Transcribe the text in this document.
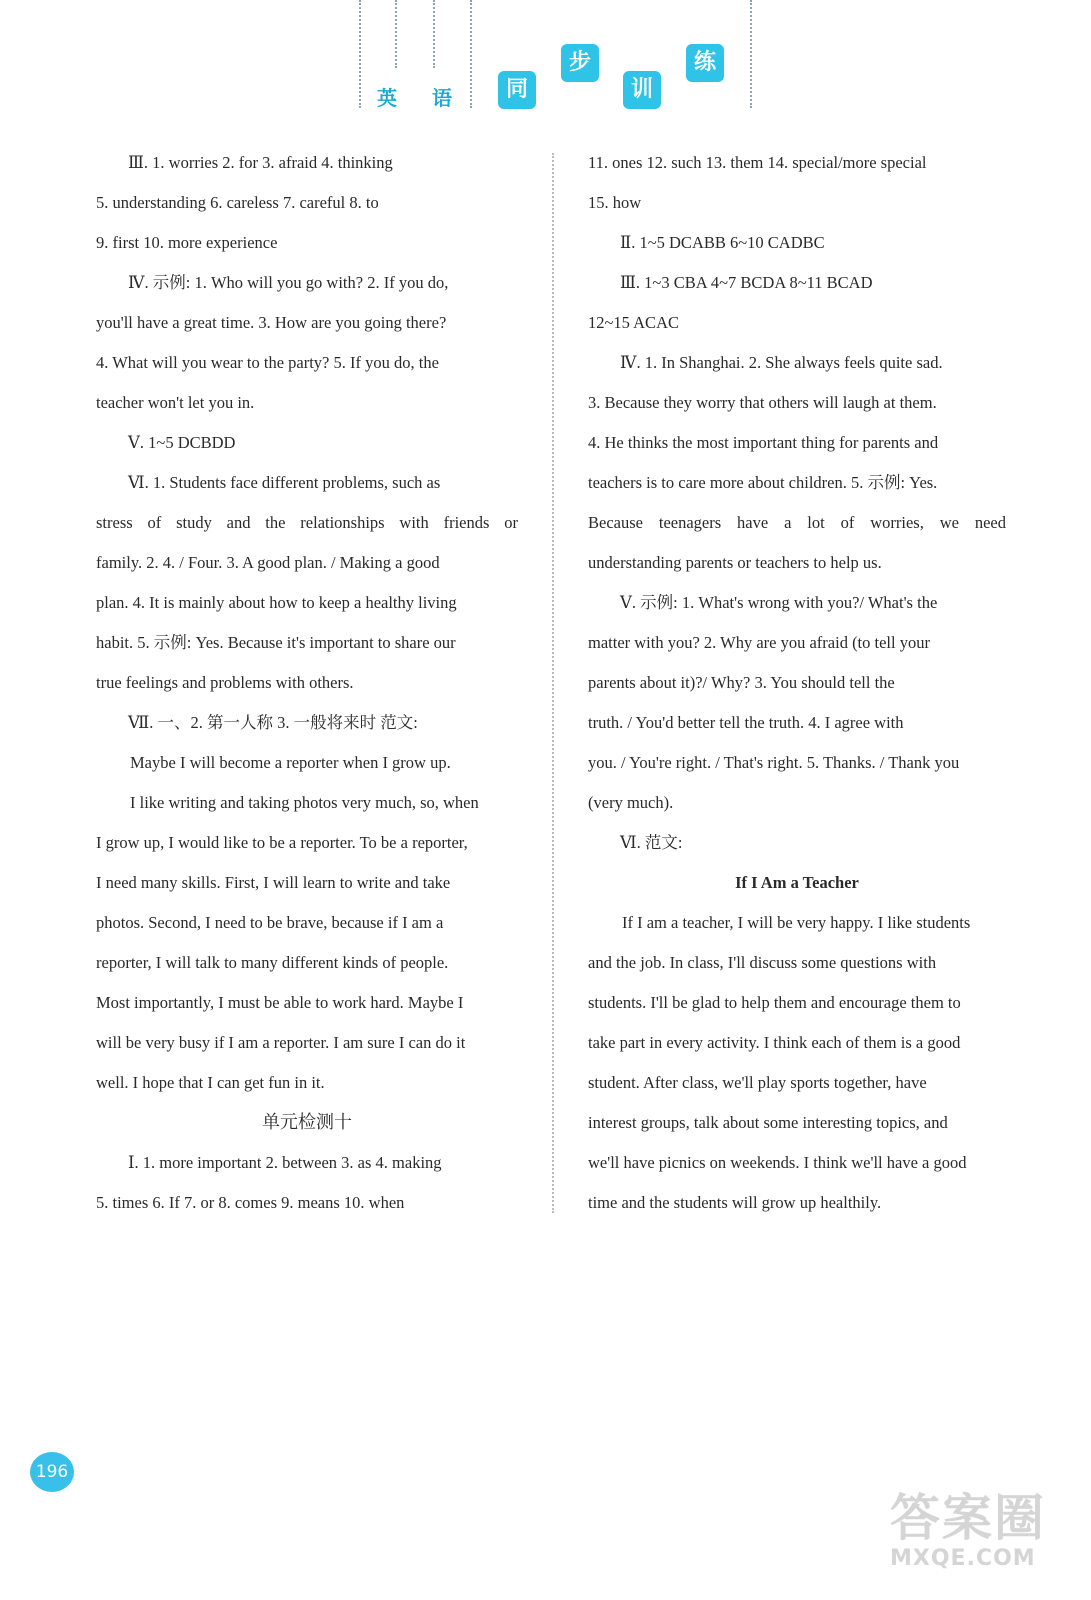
英 语	同
步
训
练
Ⅲ. 1. worries 2. for 3. afraid 4. thinking
5. understanding 6. careless 7. careful 8. to
9. first 10. more experience
Ⅳ. 示例: 1. Who will you go with? 2. If you do,
you'll have a great time. 3. How are you going there?
4. What will you wear to the party? 5. If you do, the
teacher won't let you in.
Ⅴ. 1~5 DCBDD
Ⅵ. 1. Students face different problems, such as
stress of study and the relationships with friends or
family. 2. 4. / Four. 3. A good plan. / Making a good
plan. 4. It is mainly about how to keep a healthy living
habit. 5. 示例: Yes. Because it's important to share our
true feelings and problems with others.
Ⅶ. 一、2. 第一人称 3. 一般将来时 范文:
Maybe I will become a reporter when I grow up.
I like writing and taking photos very much, so, when
I grow up, I would like to be a reporter. To be a reporter,
I need many skills. First, I will learn to write and take
photos. Second, I need to be brave, because if I am a
reporter, I will talk to many different kinds of people.
Most importantly, I must be able to work hard. Maybe I
will be very busy if I am a reporter. I am sure I can do it
well. I hope that I can get fun in it.
单元检测十
Ⅰ. 1. more important 2. between 3. as 4. making
5. times 6. If 7. or 8. comes 9. means 10. when
11. ones 12. such 13. them 14. special/more special
15. how
Ⅱ. 1~5 DCABB 6~10 CADBC
Ⅲ. 1~3 CBA 4~7 BCDA 8~11 BCAD
12~15 ACAC
Ⅳ. 1. In Shanghai. 2. She always feels quite sad.
3. Because they worry that others will laugh at them.
4. He thinks the most important thing for parents and
teachers is to care more about children. 5. 示例: Yes.
Because teenagers have a lot of worries, we need
understanding parents or teachers to help us.
Ⅴ. 示例: 1. What's wrong with you?/ What's the
matter with you? 2. Why are you afraid (to tell your
parents about it)?/ Why? 3. You should tell the
truth. / You'd better tell the truth. 4. I agree with
you. / You're right. / That's right. 5. Thanks. / Thank you
(very much).
Ⅵ. 范文:
If I Am a Teacher
If I am a teacher, I will be very happy. I like students
and the job. In class, I'll discuss some questions with
students. I'll be glad to help them and encourage them to
take part in every activity. I think each of them is a good
student. After class, we'll play sports together, have
interest groups, talk about some interesting topics, and
we'll have picnics on weekends. I think we'll have a good
time and the students will grow up healthily.
196
答案圈
MXQE.COM
